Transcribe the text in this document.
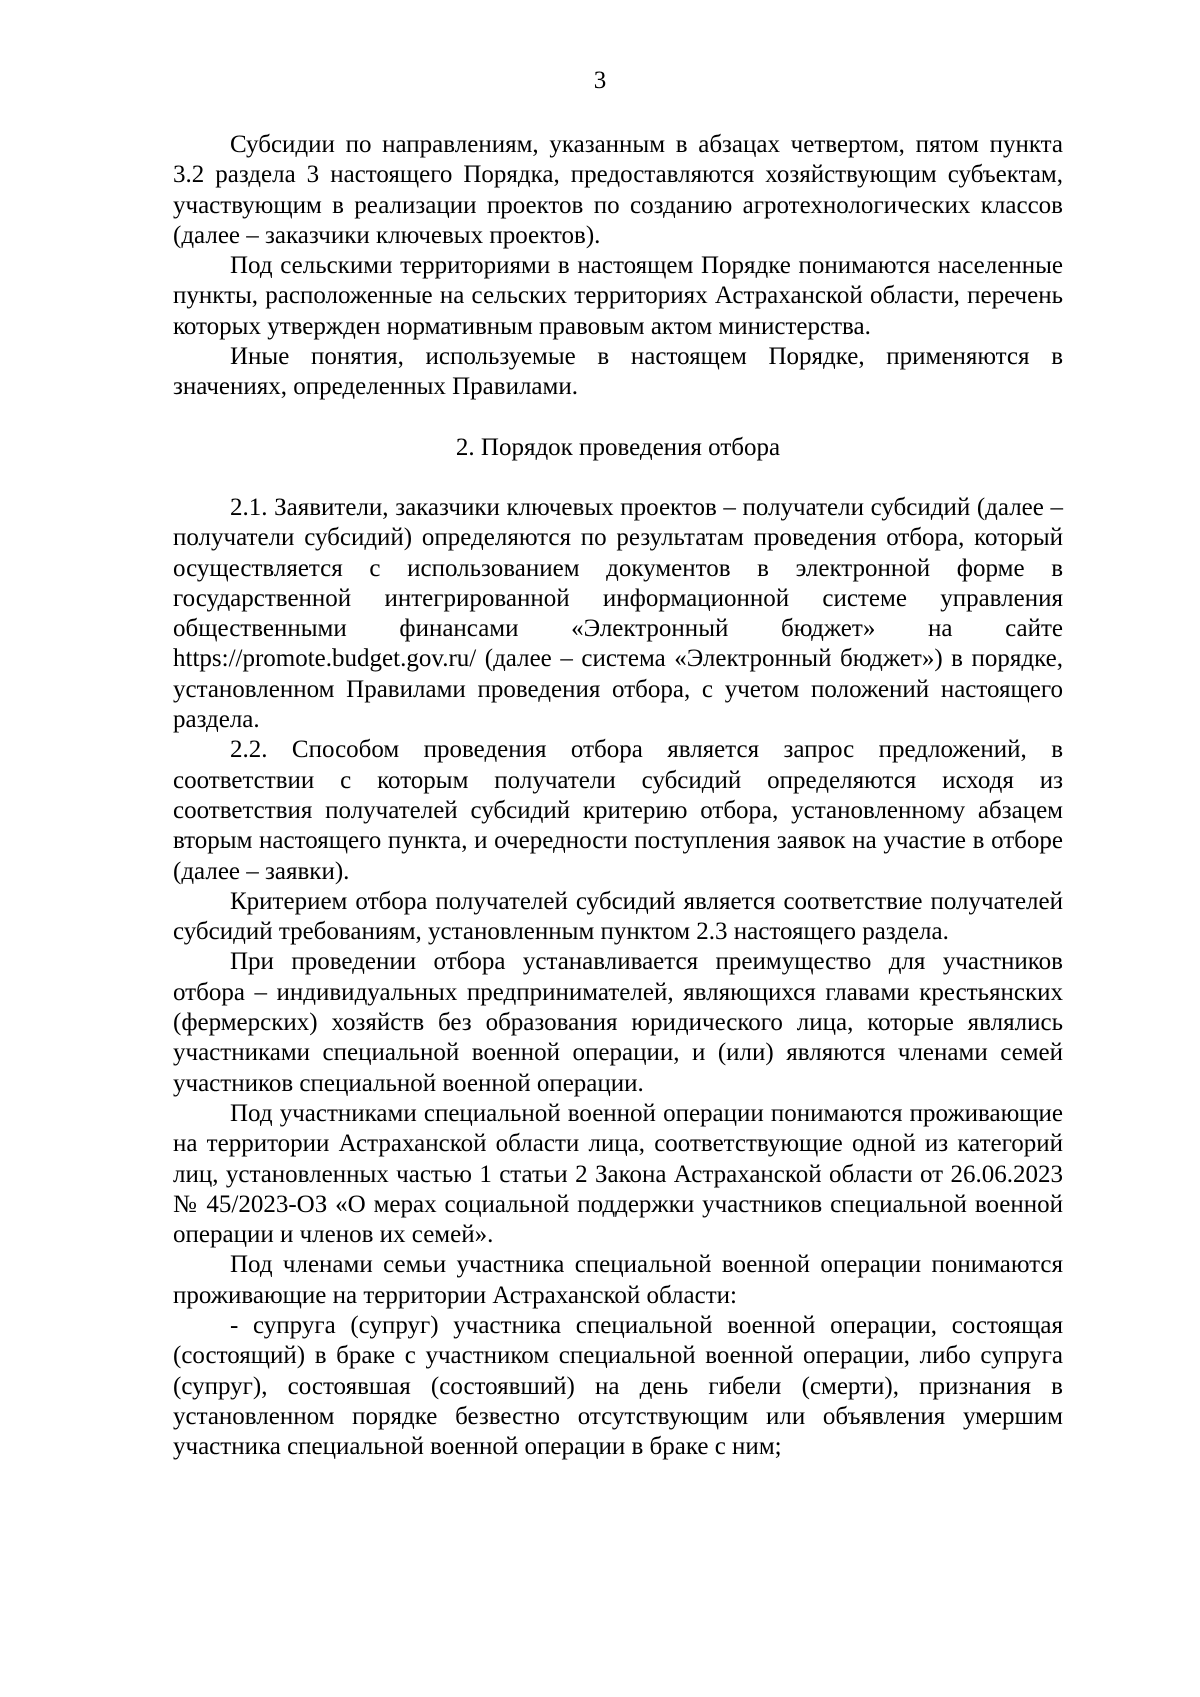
3

Субсидии по направлениям, указанным в абзацах четвертом, пятом пункта 3.2 раздела 3 настоящего Порядка, предоставляются хозяйствующим субъектам, участвующим в реализации проектов по созданию агротехнологических классов (далее – заказчики ключевых проектов).

Под сельскими территориями в настоящем Порядке понимаются населенные пункты, расположенные на сельских территориях Астраханской области, перечень которых утвержден нормативным правовым актом министерства.

Иные понятия, используемые в настоящем Порядке, применяются в значениях, определенных Правилами.

2. Порядок проведения отбора

2.1. Заявители, заказчики ключевых проектов – получатели субсидий (далее – получатели субсидий) определяются по результатам проведения отбора, который осуществляется с использованием документов в электронной форме в государственной интегрированной информационной системе управления общественными финансами «Электронный бюджет» на сайте https://promote.budget.gov.ru/ (далее – система «Электронный бюджет») в порядке, установленном Правилами проведения отбора, с учетом положений настоящего раздела.

2.2. Способом проведения отбора является запрос предложений, в соответствии с которым получатели субсидий определяются исходя из соответствия получателей субсидий критерию отбора, установленному абзацем вторым настоящего пункта, и очередности поступления заявок на участие в отборе (далее – заявки).

Критерием отбора получателей субсидий является соответствие получателей субсидий требованиям, установленным пунктом 2.3 настоящего раздела.

При проведении отбора устанавливается преимущество для участников отбора – индивидуальных предпринимателей, являющихся главами крестьянских (фермерских) хозяйств без образования юридического лица, которые являлись участниками специальной военной операции, и (или) являются членами семей участников специальной военной операции.

Под участниками специальной военной операции понимаются проживающие на территории Астраханской области лица, соответствующие одной из категорий лиц, установленных частью 1 статьи 2 Закона Астраханской области от 26.06.2023 № 45/2023-ОЗ «О мерах социальной поддержки участников специальной военной операции и членов их семей».

Под членами семьи участника специальной военной операции понимаются проживающие на территории Астраханской области:

- супруга (супруг) участника специальной военной операции, состоящая (состоящий) в браке с участником специальной военной операции, либо супруга (супруг), состоявшая (состоявший) на день гибели (смерти), признания в установленном порядке безвестно отсутствующим или объявления умершим участника специальной военной операции в браке с ним;
